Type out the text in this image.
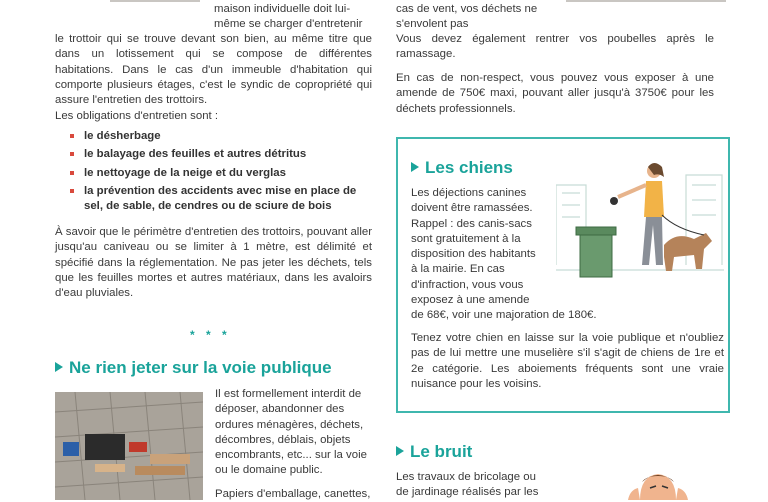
maison individuelle doit lui-

même se charger d'entretenir

le trottoir qui se trouve devant son bien, au même titre que dans un lotissement qui se compose de différentes habitations. Dans le cas d'un immeuble d'habitation qui comporte plusieurs étages, c'est le syndic de copropriété qui assure l'entretien des trottoirs.

Les obligations d'entretien sont :

le désherbage
le balayage des feuilles et autres détritus
le nettoyage de la neige et du verglas
la prévention des accidents avec mise en place de sel, de sable, de cendres ou de sciure de bois

À savoir que le périmètre d'entretien des trottoirs, pouvant aller jusqu'au caniveau ou se limiter à 1 mètre, est délimité et spécifié dans la réglementation. Ne pas jeter les déchets, tels que les feuilles mortes et autres matériaux, dans les avaloirs d'eau pluviales.

* * *
Ne rien jeter sur la voie publique

Il est formellement interdit de déposer, abandonner des ordures ménagères, déchets, décombres, déblais, objets encombrants, etc... sur la voie ou le domaine public.

Papiers d'emballage, canettes,

cas de vent, vos déchets ne

s'envolent pas

Vous devez également rentrer vos poubelles après le ramassage.

En cas de non-respect, vous pouvez vous exposer à une amende de 750€ maxi, pouvant aller jusqu'à 3750€ pour les déchets professionnels.

Les chiens

Les déjections canines

doivent être ramassées.

Rappel : des canis-sacs

sont gratuitement à la

disposition des habitants

à la mairie. En cas

d'infraction, vous vous

exposez à une amende

de 68€, voir une majoration de 180€.

Tenez votre chien en laisse sur la voie publique et n'oubliez pas de lui mettre une muselière s'il s'agit de chiens de 1re et 2e catégorie. Les aboiements fréquents sont une vraie nuisance pour les voisins.

Le bruit

Les travaux de bricolage ou

de jardinage réalisés par les
